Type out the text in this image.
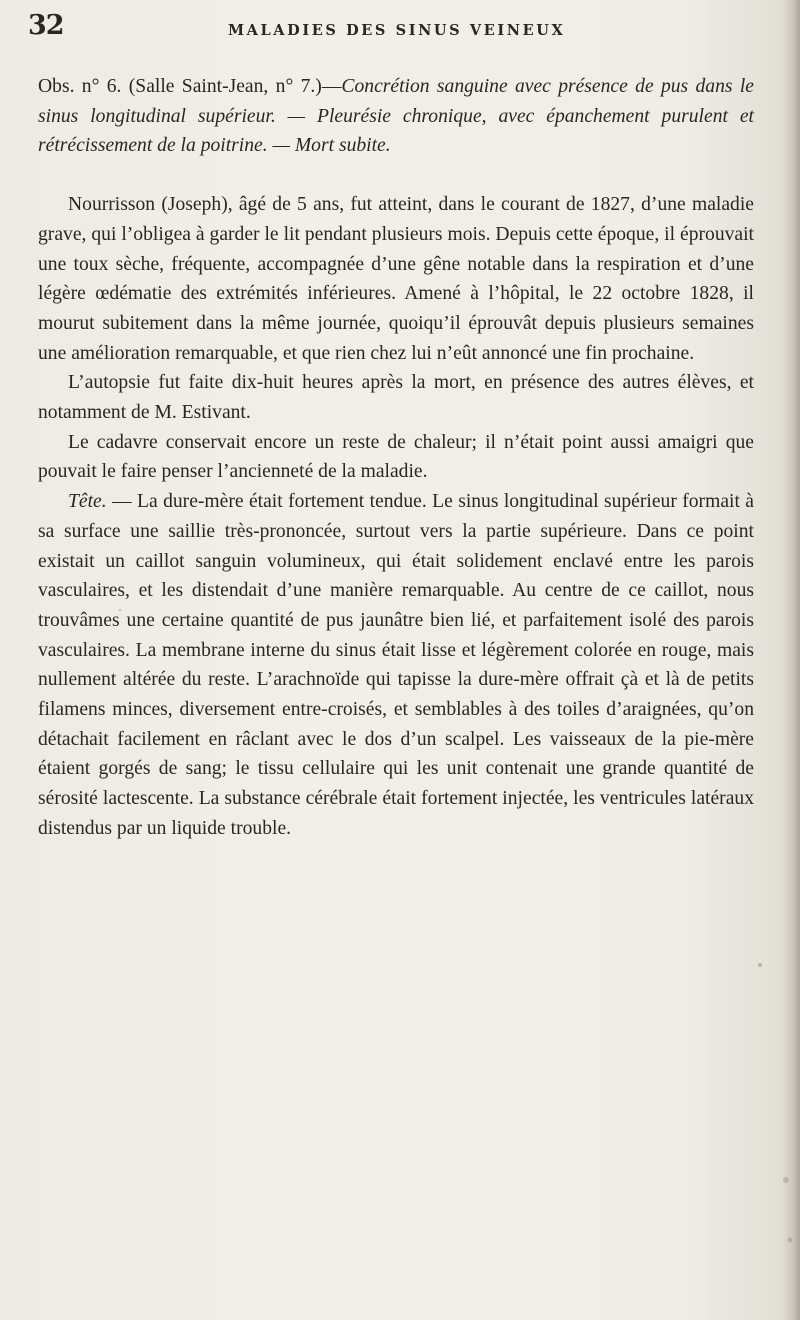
32	MALADIES DES SINUS VEINEUX

Obs. n° 6. (Salle Saint-Jean, n° 7.)—Concrétion sanguine avec présence de pus dans le sinus longitudinal supérieur. — Pleurésie chronique, avec épanchement purulent et rétrécissement de la poitrine. — Mort subite.

Nourrisson (Joseph), âgé de 5 ans, fut atteint, dans le courant de 1827, d’une maladie grave, qui l’obligea à garder le lit pendant plusieurs mois. Depuis cette époque, il éprouvait une toux sèche, fréquente, accompagnée d’une gêne notable dans la respiration et d’une légère œdématie des extrémités inférieures. Amené à l’hôpital, le 22 octobre 1828, il mourut subitement dans la même journée, quoiqu’il éprouvât depuis plusieurs semaines une amélioration remarquable, et que rien chez lui n’eût annoncé une fin prochaine.

L’autopsie fut faite dix-huit heures après la mort, en présence des autres élèves, et notamment de M. Estivant.

Le cadavre conservait encore un reste de chaleur; il n’était point aussi amaigri que pouvait le faire penser l’ancienneté de la maladie.

Tête. — La dure-mère était fortement tendue. Le sinus longitudinal supérieur formait à sa surface une saillie très-prononcée, surtout vers la partie supérieure. Dans ce point existait un caillot sanguin volumineux, qui était solidement enclavé entre les parois vasculaires, et les distendait d’une manière remarquable. Au centre de ce caillot, nous trouvâmes une certaine quantité de pus jaunâtre bien lié, et parfaitement isolé des parois vasculaires. La membrane interne du sinus était lisse et légèrement colorée en rouge, mais nullement altérée du reste. L’arachnoïde qui tapisse la dure-mère offrait çà et là de petits filamens minces, diversement entre-croisés, et semblables à des toiles d’araignées, qu’on détachait facilement en râclant avec le dos d’un scalpel. Les vaisseaux de la pie-mère étaient gorgés de sang; le tissu cellulaire qui les unit contenait une grande quantité de sérosité lactescente. La substance cérébrale était fortement injectée, les ventricules latéraux distendus par un liquide trouble.
